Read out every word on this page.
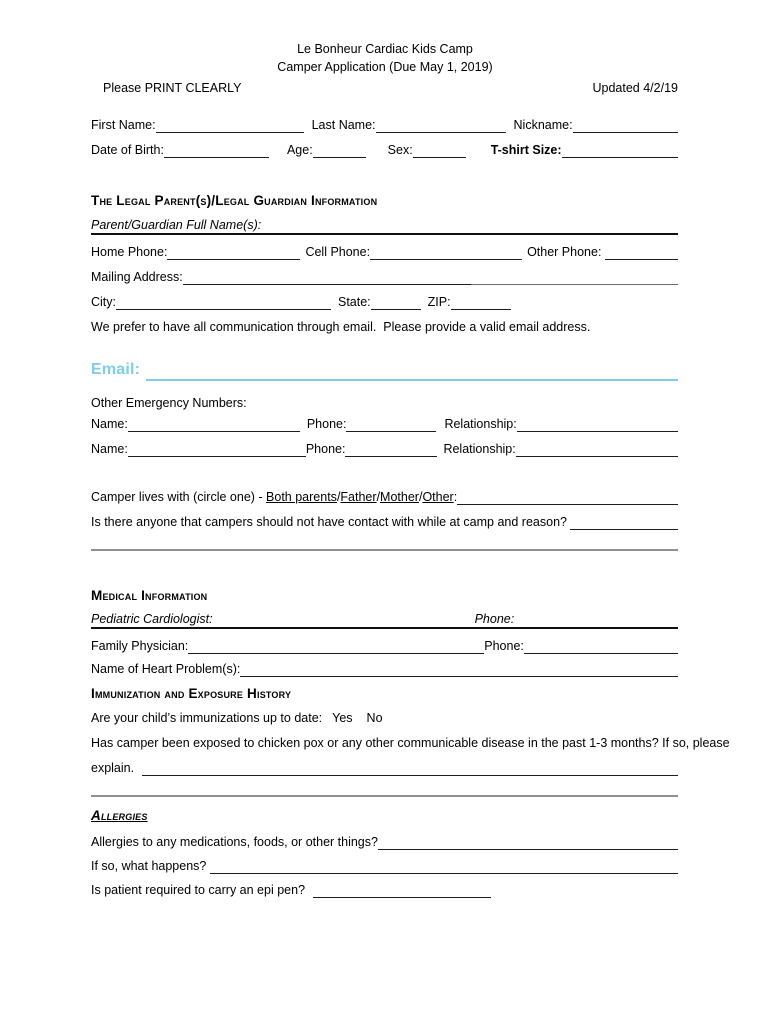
Le Bonheur Cardiac Kids Camp
Camper Application (Due May 1, 2019)
Please PRINT CLEARLY	Updated 4/2/19
First Name:	Last Name:	Nickname:
Date of Birth:	Age:	Sex:	T-shirt Size:
The Legal Parent(s)/Legal Guardian Information
Parent/Guardian Full Name(s):
Home Phone:	Cell Phone:	Other Phone:
Mailing Address:
City:	State:	ZIP:
We prefer to have all communication through email.  Please provide a valid email address.
Email:
Other Emergency Numbers:
Name:	Phone:	Relationship:
Name:	Phone:	Relationship:
Camper lives with (circle one) - Both parents / Father / Mother / Other :
Is there anyone that campers should not have contact with while at camp and reason?
Medical Information
Pediatric Cardiologist:	Phone:
Family Physician:	Phone:
Name of Heart Problem(s):
Immunization and Exposure History
Are your child’s immunizations up to date: Yes No
Has camper been exposed to chicken pox or any other communicable disease in the past 1-3 months? If so, please
explain.
Allergies
Allergies to any medications, foods, or other things?
If so, what happens?
Is patient required to carry an epi pen?
